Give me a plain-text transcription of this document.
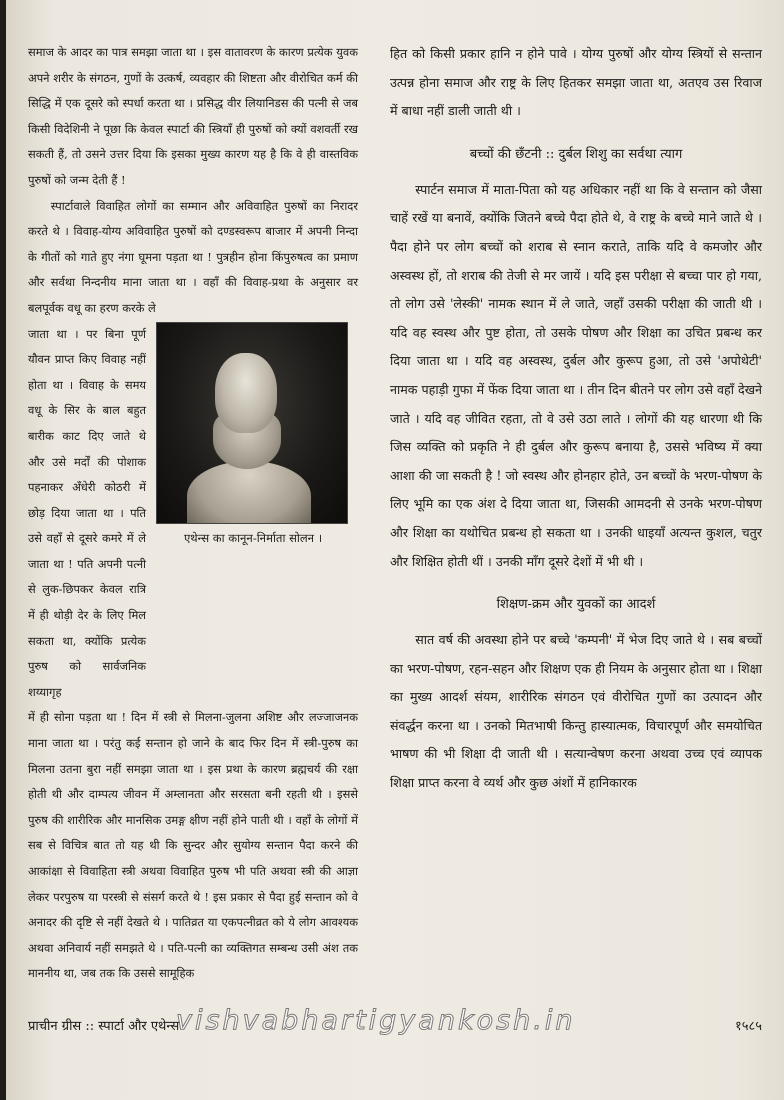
समाज के आदर का पात्र समझा जाता था । इस वातावरण के कारण प्रत्येक युवक अपने शरीर के संगठन, गुणों के उत्कर्ष, व्यवहार की शिष्टता और वीरोचित कर्म की सिद्धि में एक दूसरे को स्पर्धा करता था । प्रसिद्ध वीर लियानिडस की पत्नी से जब किसी विदेशिनी ने पूछा कि केवल स्पार्टा की स्त्रियाँ ही पुरुषों को क्यों वशवर्ती रख सकती हैं, तो उसने उत्तर दिया कि इसका मुख्य कारण यह है कि वे ही वास्तविक पुरुषों को जन्म देती हैं !

स्पार्टावाले विवाहित लोगों का सम्मान और अविवाहित पुरुषों का निरादर करते थे । विवाह-योग्य अविवाहित पुरुषों को दण्डस्वरूप बाजार में अपनी निन्दा के गीतों को गाते हुए नंगा घूमना पड़ता था ! पुत्रहीन होना किंपुरुषत्व का प्रमाण और सर्वथा निन्दनीय माना जाता था । वहाँ की विवाह-प्रथा के अनुसार वर बलपूर्वक वधू का हरण करके ले

जाता था । पर बिना पूर्ण यौवन प्राप्त किए विवाह नहीं होता था । विवाह के समय वधू के सिर के बाल बहुत बारीक काट दिए जाते थे और उसे मर्दों की पोशाक पहनाकर अँधेरी कोठरी में छोड़ दिया जाता था । पति उसे वहाँ से दूसरे कमरे में ले जाता था ! पति अपनी पत्नी से लुक-छिपकर केवल रात्रि में ही थोड़ी देर के लिए मिल सकता था, क्योंकि प्रत्येक पुरुष को सार्वजनिक शय्यागृह
एथेन्स का कानून-निर्माता सोलन ।

में ही सोना पड़ता था ! दिन में स्त्री से मिलना-जुलना अशिष्ट और लज्जाजनक माना जाता था । परंतु कई सन्तान हो जाने के बाद फिर दिन में स्त्री-पुरुष का मिलना उतना बुरा नहीं समझा जाता था । इस प्रथा के कारण ब्रह्मचर्य की रक्षा होती थी और दाम्पत्य जीवन में अम्लानता और सरसता बनी रहती थी । इससे पुरुष की शारीरिक और मानसिक उमङ्ग क्षीण नहीं होने पाती थी । वहाँ के लोगों में सब से विचित्र बात तो यह थी कि सुन्दर और सुयोग्य सन्तान पैदा करने की आकांक्षा से विवाहिता स्त्री अथवा विवाहित पुरुष भी पति अथवा स्त्री की आज्ञा लेकर परपुरुष या परस्त्री से संसर्ग करते थे ! इस प्रकार से पैदा हुई सन्तान को वे अनादर की दृष्टि से नहीं देखते थे । पातिव्रत या एकपत्नीव्रत को ये लोग आवश्यक अथवा अनिवार्य नहीं समझते थे । पति-पत्नी का व्यक्तिगत सम्बन्ध उसी अंश तक माननीय था, जब तक कि उससे सामूहिक

हित को किसी प्रकार हानि न होने पावे । योग्य पुरुषों और योग्य स्त्रियों से सन्तान उत्पन्न होना समाज और राष्ट्र के लिए हितकर समझा जाता था, अतएव उस रिवाज में बाधा नहीं डाली जाती थी ।

बच्चों की छँटनी :: दुर्बल शिशु का सर्वथा त्याग

स्पार्टन समाज में माता-पिता को यह अधिकार नहीं था कि वे सन्तान को जैसा चाहें रखें या बनावें, क्योंकि जितने बच्चे पैदा होते थे, वे राष्ट्र के बच्चे माने जाते थे । पैदा होने पर लोग बच्चों को शराब से स्नान कराते, ताकि यदि वे कमजोर और अस्वस्थ हों, तो शराब की तेजी से मर जायें । यदि इस परीक्षा से बच्चा पार हो गया, तो लोग उसे 'लेस्की' नामक स्थान में ले जाते, जहाँ उसकी परीक्षा की जाती थी । यदि वह स्वस्थ और पुष्ट होता, तो उसके पोषण और शिक्षा का उचित प्रबन्ध कर दिया जाता था । यदि वह अस्वस्थ, दुर्बल और कुरूप हुआ, तो उसे 'अपोथेटी' नामक पहाड़ी गुफा में फेंक दिया जाता था । तीन दिन बीतने पर लोग उसे वहाँ देखने जाते । यदि वह जीवित रहता, तो वे उसे उठा लाते । लोगों की यह धारणा थी कि जिस व्यक्ति को प्रकृति ने ही दुर्बल और कुरूप बनाया है, उससे भविष्य में क्या आशा की जा सकती है ! जो स्वस्थ और होनहार होते, उन बच्चों के भरण-पोषण के लिए भूमि का एक अंश दे दिया जाता था, जिसकी आमदनी से उनके भरण-पोषण और शिक्षा का यथोचित प्रबन्ध हो सकता था । उनकी धाइयाँ अत्यन्त कुशल, चतुर और शिक्षित होती थीं । उनकी माँग दूसरे देशों में भी थी ।

शिक्षण-क्रम और युवकों का आदर्श

सात वर्ष की अवस्था होने पर बच्चे 'कम्पनी' में भेज दिए जाते थे । सब बच्चों का भरण-पोषण, रहन-सहन और शिक्षण एक ही नियम के अनुसार होता था । शिक्षा का मुख्य आदर्श संयम, शारीरिक संगठन एवं वीरोचित गुणों का उत्पादन और संवर्द्धन करना था । उनको मितभाषी किन्तु हास्यात्मक, विचारपूर्ण और समयोचित भाषण की भी शिक्षा दी जाती थी । सत्यान्वेषण करना अथवा उच्च एवं व्यापक शिक्षा प्राप्त करना वे व्यर्थ और कुछ अंशों में हानिकारक

प्राचीन ग्रीस :: स्पार्टा और एथेन्स	१५८५
vishvabhartigyankosh.in
